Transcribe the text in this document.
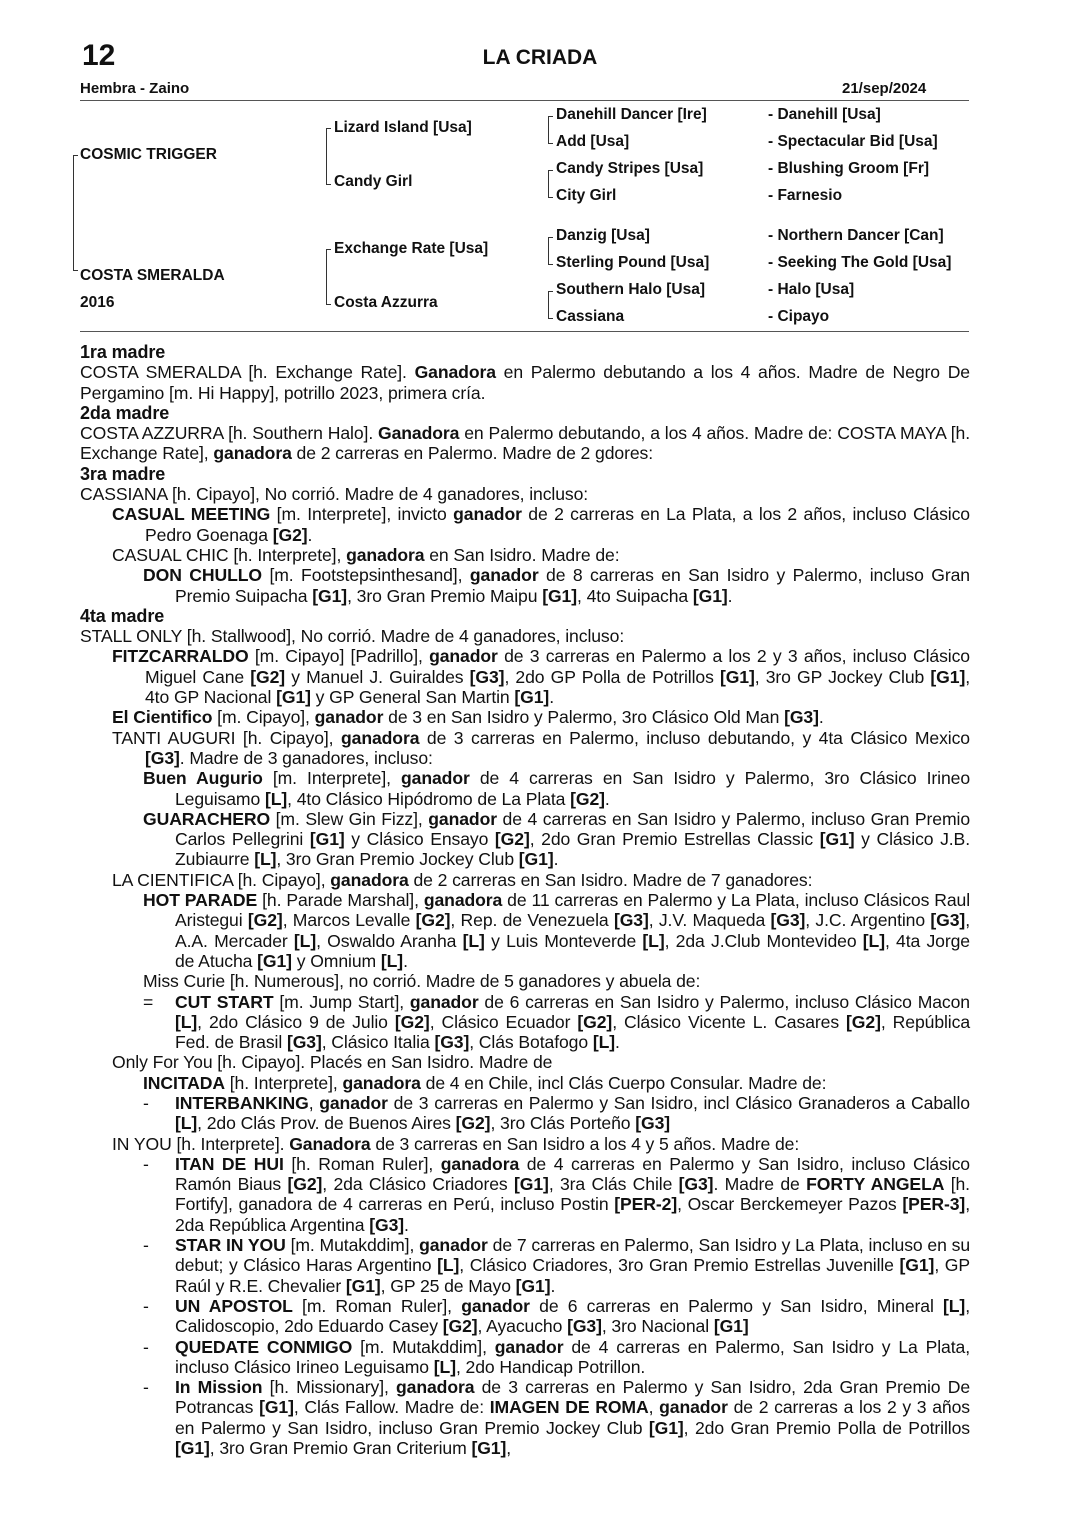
12	LA CRIADA
Hembra - Zaino	21/sep/2024
COSMIC TRIGGER
COSTA SMERALDA
2016
Lizard Island [Usa]
Candy Girl
Exchange Rate [Usa]
Costa Azzurra
Danehill Dancer [Ire]
Add [Usa]
Candy Stripes [Usa]
City Girl
Danzig [Usa]
Sterling Pound [Usa]
Southern Halo [Usa]
Cassiana
- Danehill [Usa]
- Spectacular Bid [Usa]
- Blushing Groom [Fr]
- Farnesio
- Northern Dancer [Can]
- Seeking The Gold [Usa]
- Halo [Usa]
- Cipayo

1ra madre

COSTA SMERALDA [h. Exchange Rate]. Ganadora en Palermo debutando a los 4 años. Madre de Negro De Pergamino [m. Hi Happy], potrillo 2023, primera cría.

2da madre

COSTA AZZURRA [h. Southern Halo]. Ganadora en Palermo debutando, a los 4 años. Madre de: COSTA MAYA [h. Exchange Rate], ganadora de 2 carreras en Palermo. Madre de 2 gdores:

3ra madre

CASSIANA [h. Cipayo], No corrió. Madre de 4 ganadores, incluso:

CASUAL MEETING [m. Interprete], invicto ganador de 2 carreras en La Plata, a los 2 años, incluso Clásico Pedro Goenaga [G2].

CASUAL CHIC [h. Interprete], ganadora en San Isidro. Madre de:

DON CHULLO [m. Footstepsinthesand], ganador de 8 carreras en San Isidro y Palermo, incluso Gran Premio Suipacha [G1], 3ro Gran Premio Maipu [G1], 4to Suipacha [G1].

4ta madre

STALL ONLY [h. Stallwood], No corrió. Madre de 4 ganadores, incluso:

FITZCARRALDO [m. Cipayo] [Padrillo], ganador de 3 carreras en Palermo a los 2 y 3 años, incluso Clásico Miguel Cane [G2] y Manuel J. Guiraldes [G3], 2do GP Polla de Potrillos [G1], 3ro GP Jockey Club [G1], 4to GP Nacional [G1] y GP General San Martin [G1].

El Cientifico [m. Cipayo], ganador de 3 en San Isidro y Palermo, 3ro Clásico Old Man [G3].

TANTI AUGURI [h. Cipayo], ganadora de 3 carreras en Palermo, incluso debutando, y 4ta Clásico Mexico [G3]. Madre de 3 ganadores, incluso:

Buen Augurio [m. Interprete], ganador de 4 carreras en San Isidro y Palermo, 3ro Clásico Irineo Leguisamo [L], 4to Clásico Hipódromo de La Plata [G2].

GUARACHERO [m. Slew Gin Fizz], ganador de 4 carreras en San Isidro y Palermo, incluso Gran Premio Carlos Pellegrini [G1] y Clásico Ensayo [G2], 2do Gran Premio Estrellas Classic [G1] y Clásico J.B. Zubiaurre [L], 3ro Gran Premio Jockey Club [G1].

LA CIENTIFICA [h. Cipayo], ganadora de 2 carreras en San Isidro. Madre de 7 ganadores:

HOT PARADE [h. Parade Marshal], ganadora de 11 carreras en Palermo y La Plata, incluso Clásicos Raul Aristegui [G2], Marcos Levalle [G2], Rep. de Venezuela [G3], J.V. Maqueda [G3], J.C. Argentino [G3], A.A. Mercader [L], Oswaldo Aranha [L] y Luis Monteverde [L], 2da J.Club Montevideo [L], 4ta Jorge de Atucha [G1] y Omnium [L].

Miss Curie [h. Numerous], no corrió. Madre de 5 ganadores y abuela de:

= CUT START [m. Jump Start], ganador de 6 carreras en San Isidro y Palermo, incluso Clásico Macon [L], 2do Clásico 9 de Julio [G2], Clásico Ecuador [G2], Clásico Vicente L. Casares [G2], República Fed. de Brasil [G3], Clásico Italia [G3], Clás Botafogo [L].

Only For You [h. Cipayo]. Placés en San Isidro. Madre de

INCITADA [h. Interprete], ganadora de 4 en Chile, incl Clás Cuerpo Consular. Madre de:

- INTERBANKING, ganador de 3 carreras en Palermo y San Isidro, incl Clásico Granaderos a Caballo [L], 2do Clás Prov. de Buenos Aires [G2], 3ro Clás Porteño [G3]

IN YOU [h. Interprete]. Ganadora de 3 carreras en San Isidro a los 4 y 5 años. Madre de:

- ITAN DE HUI [h. Roman Ruler], ganadora de 4 carreras en Palermo y San Isidro, incluso Clásico Ramón Biaus [G2], 2da Clásico Criadores [G1], 3ra Clás Chile [G3]. Madre de FORTY ANGELA [h. Fortify], ganadora de 4 carreras en Perú, incluso Postin [PER-2], Oscar Berckemeyer Pazos [PER-3], 2da República Argentina [G3].

- STAR IN YOU [m. Mutakddim], ganador de 7 carreras en Palermo, San Isidro y La Plata, incluso en su debut; y Clásico Haras Argentino [L], Clásico Criadores, 3ro Gran Premio Estrellas Juvenille [G1], GP Raúl y R.E. Chevalier [G1], GP 25 de Mayo [G1].

- UN APOSTOL [m. Roman Ruler], ganador de 6 carreras en Palermo y San Isidro, Mineral [L], Calidoscopio, 2do Eduardo Casey [G2], Ayacucho [G3], 3ro Nacional [G1]

- QUEDATE CONMIGO [m. Mutakddim], ganador de 4 carreras en Palermo, San Isidro y La Plata, incluso Clásico Irineo Leguisamo [L], 2do Handicap Potrillon.

- In Mission [h. Missionary], ganadora de 3 carreras en Palermo y San Isidro, 2da Gran Premio De Potrancas [G1], Clás Fallow. Madre de: IMAGEN DE ROMA, ganador de 2 carreras a los 2 y 3 años en Palermo y San Isidro, incluso Gran Premio Jockey Club [G1], 2do Gran Premio Polla de Potrillos [G1], 3ro Gran Premio Gran Criterium [G1],
